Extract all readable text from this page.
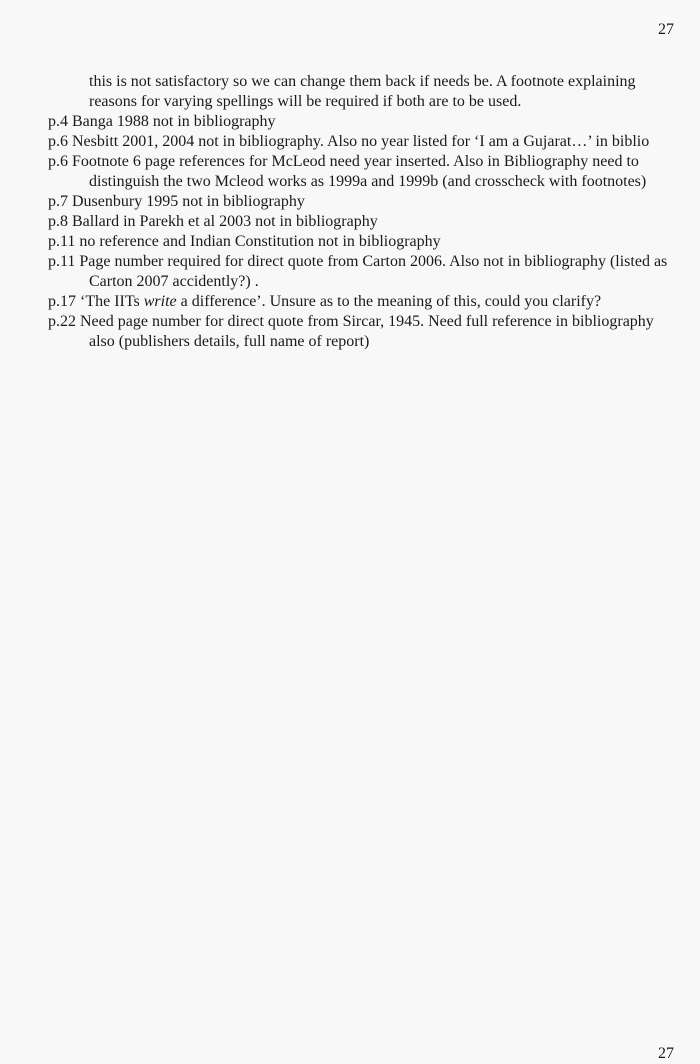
27

this is not satisfactory so we can change them back if needs be. A footnote explaining reasons for varying spellings will be required if both are to be used.

p.4 Banga 1988 not in bibliography

p.6 Nesbitt 2001, 2004 not in bibliography. Also no year listed for ‘I am a Gujarat…’ in biblio

p.6 Footnote 6 page references for McLeod need year inserted. Also in Bibliography need to distinguish the two Mcleod works as 1999a and 1999b (and crosscheck with footnotes)

p.7 Dusenbury 1995 not in bibliography

p.8 Ballard in Parekh et al 2003 not in bibliography

p.11 no reference and Indian Constitution not in bibliography

p.11 Page number required for direct quote from Carton 2006. Also not in bibliography (listed as Carton 2007 accidently?) .

p.17 ‘The IITs write a difference’. Unsure as to the meaning of this, could you clarify?

p.22 Need page number for direct quote from Sircar, 1945. Need full reference in bibliography also (publishers details, full name of report)

27
